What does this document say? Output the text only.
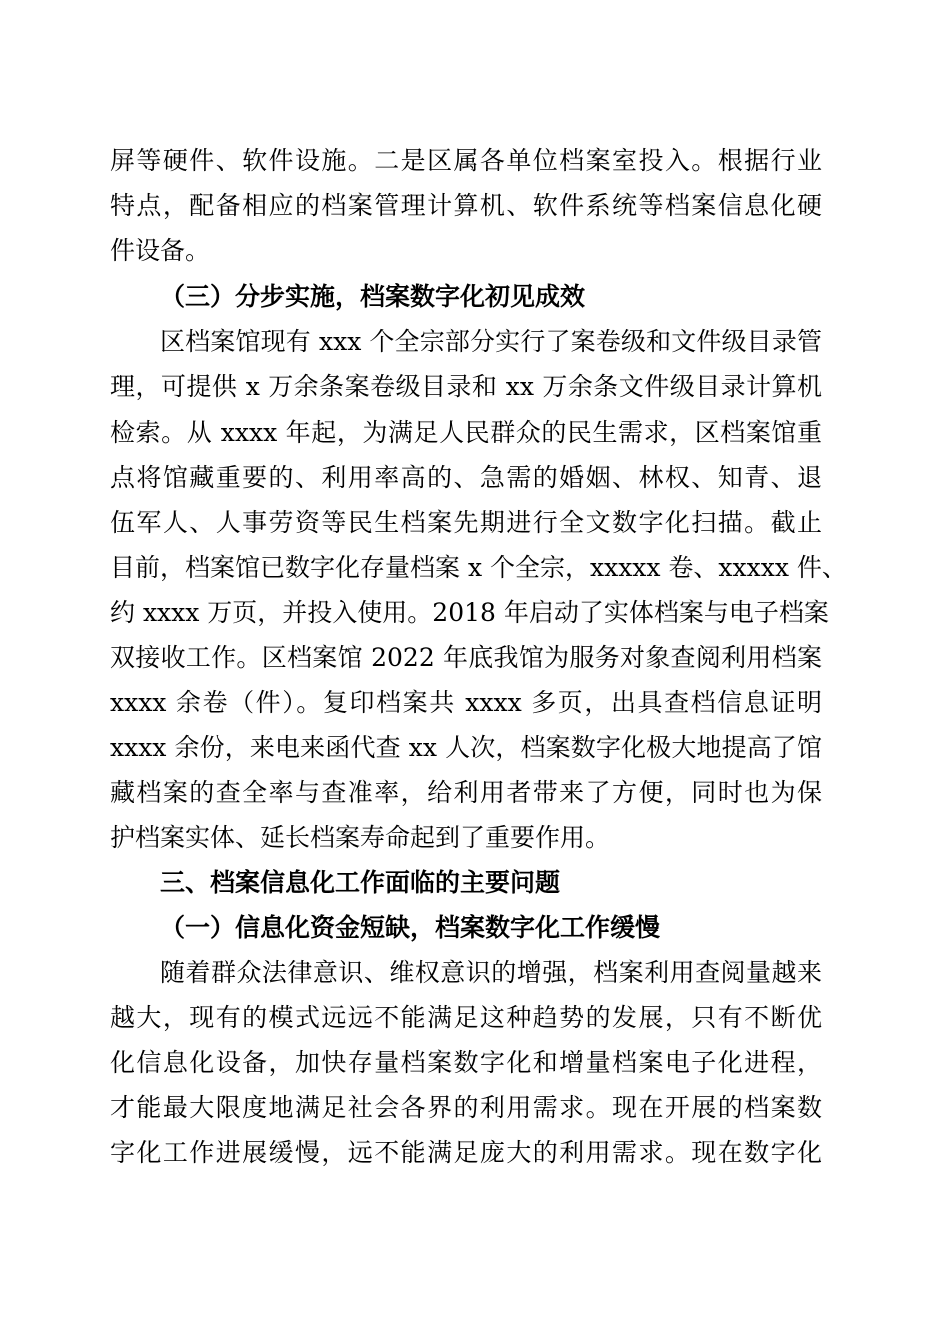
屏等硬件、软件设施。二是区属各单位档案室投入。根据行业
特点，配备相应的档案管理计算机、软件系统等档案信息化硬
件设备。
（三）分步实施，档案数字化初见成效
区档案馆现有 xxx 个全宗部分实行了案卷级和文件级目录管
理，可提供 x 万余条案卷级目录和 xx 万余条文件级目录计算机
检索。从 xxxx 年起，为满足人民群众的民生需求，区档案馆重
点将馆藏重要的、利用率高的、急需的婚姻、林权、知青、退
伍军人、人事劳资等民生档案先期进行全文数字化扫描。截止
目前，档案馆已数字化存量档案 x 个全宗，xxxxx 卷、xxxxx 件、
约 xxxx 万页，并投入使用。2018 年启动了实体档案与电子档案
双接收工作。区档案馆 2022 年底我馆为服务对象查阅利用档案
xxxx 余卷（件）。复印档案共 xxxx 多页，出具查档信息证明
xxxx 余份，来电来函代查 xx 人次，档案数字化极大地提高了馆
藏档案的查全率与查准率，给利用者带来了方便，同时也为保
护档案实体、延长档案寿命起到了重要作用。
三、档案信息化工作面临的主要问题
（一）信息化资金短缺，档案数字化工作缓慢
随着群众法律意识、维权意识的增强，档案利用查阅量越来
越大，现有的模式远远不能满足这种趋势的发展，只有不断优
化信息化设备，加快存量档案数字化和增量档案电子化进程，
才能最大限度地满足社会各界的利用需求。现在开展的档案数
字化工作进展缓慢，远不能满足庞大的利用需求。现在数字化
